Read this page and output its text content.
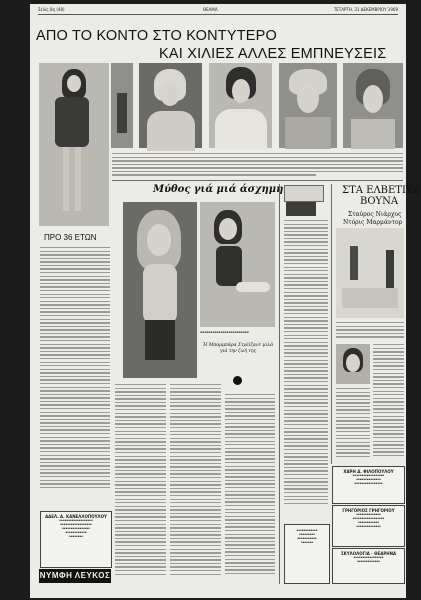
Σελίς 8η (48)	ΘΕΑΜΑ	ΤΕΤΑΡΤΗ, 31 ΔΕΚΕΜΒΡΙΟΥ 1969
ΑΠΟ ΤΟ ΚΟΝΤΟ ΣΤΟ ΚΟΝΤΥΤΕΡΟ
ΚΑΙ ΧΙΛΙΕΣ ΑΛΛΕΣ ΕΜΠΝΕΥΣΕΙΣ
Μύθος γιά μιά άσχημη
▪▪▪▪▪▪▪▪▪▪▪▪▪▪▪▪▪▪▪▪▪▪▪▪
Ἡ Μπαρμπάρα Στρέϊζαντ μιλά γιά την ζωή της
ΠΡΟ 36 ΕΤΩΝ
ΑΔΕΛ. Α. ΚΑΝΕΛΛΟΠΟΥΛΟΥ
▪▪▪▪▪▪▪▪▪▪▪▪▪▪▪▪▪▪▪
▪▪▪▪▪▪▪▪▪▪▪▪▪▪▪▪▪▪
▪▪▪▪▪▪▪▪▪▪▪▪▪▪▪▪
▪▪▪▪▪▪▪▪▪▪▪▪
▪▪▪▪▪▪▪▪
ΝΥΜΦΗ ΛΕΥΚΟΣ
▪▪▪▪▪▪▪▪▪▪▪▪
▪▪▪▪▪▪▪▪▪
▪▪▪▪▪▪▪▪▪▪▪
▪▪▪▪▪▪▪
ΣΤΑ ΕΛΒΕΤΙΚΑ
ΒΟΥΝΑ
Σταύρος Νιάρχος
Ντόρις Μαρμάντορ
ΧΑΡΗ Δ. ΦΙΛΟΠΟΥΛΟΥ
▪▪▪▪▪▪▪▪▪▪▪▪▪▪▪▪▪▪
▪▪▪▪▪▪▪▪▪▪▪▪▪▪
▪▪▪▪▪▪▪▪▪▪▪▪▪▪▪▪
ΓΡΗΓΟΡΙΟΣ ΓΡΗΓΟΡΙΟΥ
▪▪▪▪▪▪▪▪▪▪▪▪▪▪
▪▪▪▪▪▪▪▪▪▪▪▪▪▪▪▪▪▪
▪▪▪▪▪▪▪▪▪▪▪▪
▪▪▪▪▪▪▪▪▪▪▪▪▪▪
ΣΚΥΛΟΛΟΓΙΑ · ΘΕΑΡΗΝΑ
▪▪▪▪▪▪▪▪▪▪▪▪▪▪▪▪▪
▪▪▪▪▪▪▪▪▪▪▪▪▪
